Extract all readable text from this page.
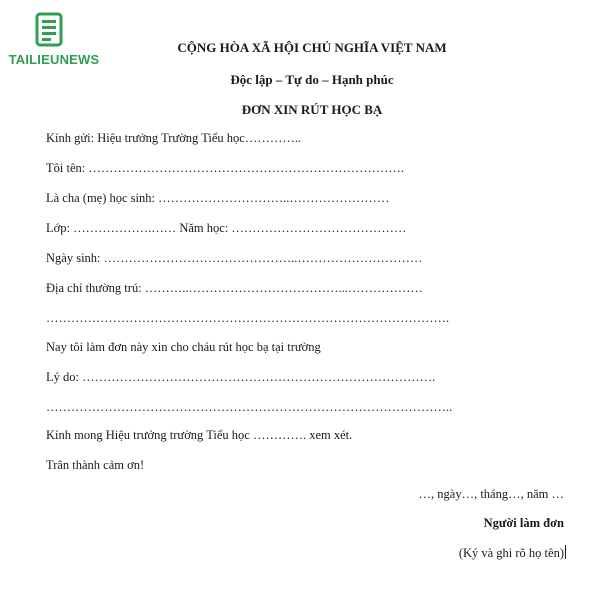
TAILIEUNEWS
CỘNG HÒA XÃ HỘI CHỦ NGHĨA VIỆT NAM
Độc lập – Tự do – Hạnh phúc
ĐƠN XIN RÚT HỌC BẠ
Kính gửi: Hiệu trưởng Trường Tiểu học…………..
Tôi tên: ………………………………………………………………….
Là cha (mẹ) học sinh: …………………………..……………………
Lớp: ……………….…… Năm học: ……………………………………
Ngày sinh: ………………………………………..…………………………
Địa chỉ thường trú: ………..………………………………...………………
…………………………………………………………………………………….
Nay tôi làm đơn này xin cho cháu rút học bạ tại trường
Lý do: ………………………………………………………………………….
……………………………………………………………………………………..
Kính mong Hiệu trưởng trường Tiểu học …………. xem xét.
Trân thành cảm ơn!
…, ngày…, tháng…, năm …
Người làm đơn
(Ký và ghi rõ họ tên)
